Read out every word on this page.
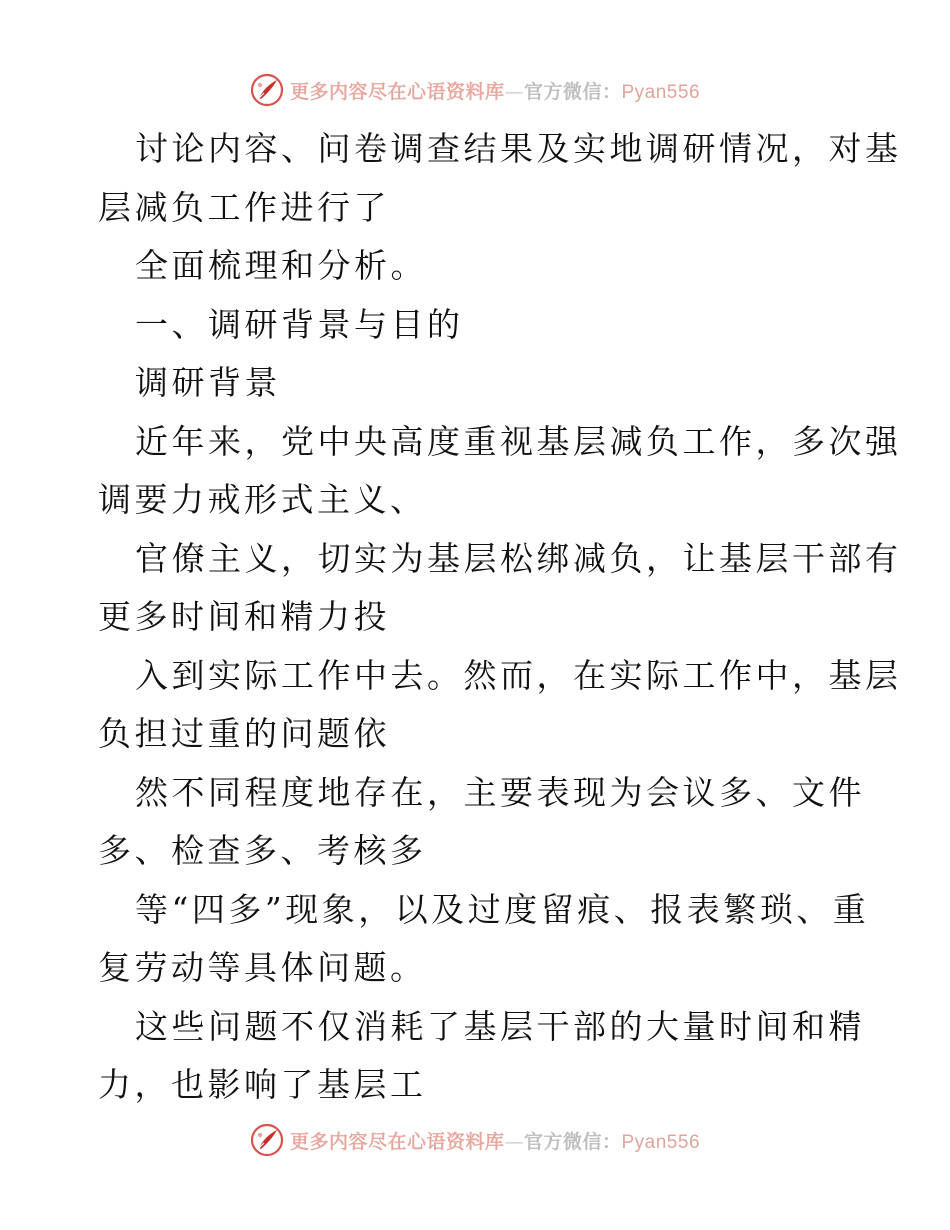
更多内容尽在心语资料库—官方微信：Pyan556
讨论内容、问卷调查结果及实地调研情况，对基
层减负工作进行了
全面梳理和分析。
一、调研背景与目的
调研背景
近年来，党中央高度重视基层减负工作，多次强
调要力戒形式主义、
官僚主义，切实为基层松绑减负，让基层干部有
更多时间和精力投
入到实际工作中去。然而，在实际工作中，基层
负担过重的问题依
然不同程度地存在，主要表现为会议多、文件
多、检查多、考核多
等“四多”现象，以及过度留痕、报表繁琐、重
复劳动等具体问题。
这些问题不仅消耗了基层干部的大量时间和精
力，也影响了基层工
更多内容尽在心语资料库—官方微信：Pyan556
